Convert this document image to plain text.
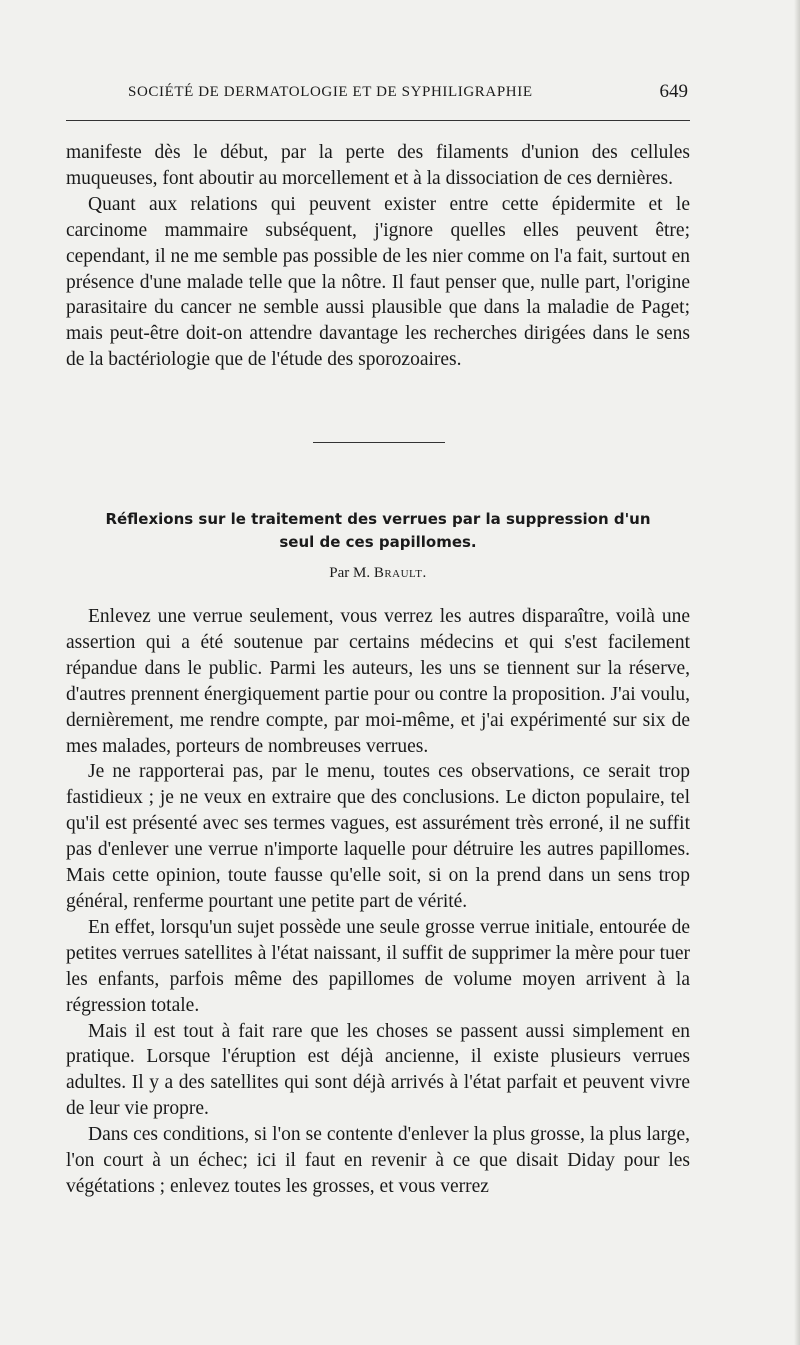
SOCIÉTÉ DE DERMATOLOGIE ET DE SYPHILIGRAPHIE	649

manifeste dès le début, par la perte des filaments d'union des cellules muqueuses, font aboutir au morcellement et à la dissociation de ces dernières.

Quant aux relations qui peuvent exister entre cette épidermite et le carcinome mammaire subséquent, j'ignore quelles elles peuvent être; cependant, il ne me semble pas possible de les nier comme on l'a fait, surtout en présence d'une malade telle que la nôtre. Il faut penser que, nulle part, l'origine parasitaire du cancer ne semble aussi plausible que dans la maladie de Paget; mais peut-être doit-on attendre davantage les recherches dirigées dans le sens de la bactériologie que de l'étude des sporozoaires.

Réflexions sur le traitement des verrues par la suppression d'un
seul de ces papillomes.
Par M. Brault.

Enlevez une verrue seulement, vous verrez les autres disparaître, voilà une assertion qui a été soutenue par certains médecins et qui s'est facilement répandue dans le public. Parmi les auteurs, les uns se tiennent sur la réserve, d'autres prennent énergiquement partie pour ou contre la proposition. J'ai voulu, dernièrement, me rendre compte, par moi-même, et j'ai expérimenté sur six de mes malades, porteurs de nombreuses verrues.

Je ne rapporterai pas, par le menu, toutes ces observations, ce serait trop fastidieux ; je ne veux en extraire que des conclusions. Le dicton populaire, tel qu'il est présenté avec ses termes vagues, est assurément très erroné, il ne suffit pas d'enlever une verrue n'importe laquelle pour détruire les autres papillomes. Mais cette opinion, toute fausse qu'elle soit, si on la prend dans un sens trop général, renferme pourtant une petite part de vérité.

En effet, lorsqu'un sujet possède une seule grosse verrue initiale, entourée de petites verrues satellites à l'état naissant, il suffit de supprimer la mère pour tuer les enfants, parfois même des papillomes de volume moyen arrivent à la régression totale.

Mais il est tout à fait rare que les choses se passent aussi simplement en pratique. Lorsque l'éruption est déjà ancienne, il existe plusieurs verrues adultes. Il y a des satellites qui sont déjà arrivés à l'état parfait et peuvent vivre de leur vie propre.

Dans ces conditions, si l'on se contente d'enlever la plus grosse, la plus large, l'on court à un échec; ici il faut en revenir à ce que disait Diday pour les végétations ; enlevez toutes les grosses, et vous verrez
